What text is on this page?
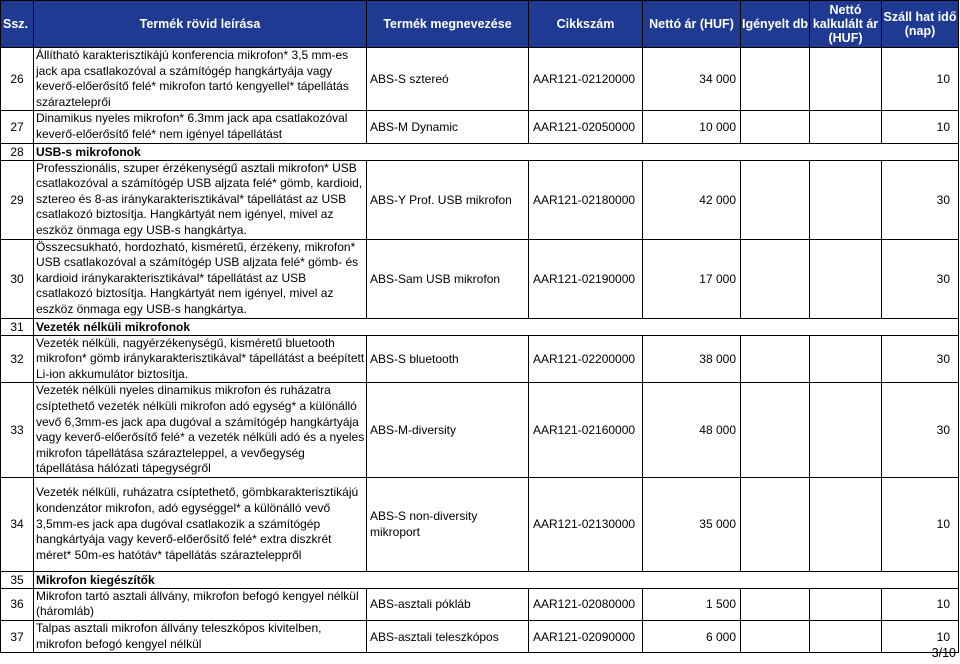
Ssz.	Termék rövid leírása	Termék megnevezése	Cikkszám	Nettó ár (HUF)	Igényelt db	Nettó kalkulált ár (HUF)	Száll hat idő (nap)
26	Állítható karakterisztikájú konferencia mikrofon* 3,5 mm-es jack apa csatlakozóval a számítógép hangkártyája vagy keverő-előerősítő felé* mikrofon tartó kengyellel* tápellátás szárazteleprői	ABS-S sztereó	AAR121-02120000	34 000			10
27	Dinamikus nyeles mikrofon* 6.3mm jack apa csatlakozóval keverő-előerősítő felé* nem igényel tápellátást	ABS-M Dynamic	AAR121-02050000	10 000			10
28	USB-s mikrofonok						
29	Professzionális, szuper érzékenységű asztali mikrofon* USB csatlakozóval a számítógép USB aljzata felé* gömb, kardioid, sztereo és 8-as iránykarakterisztikával* tápellátást az USB csatlakozó biztosítja. Hangkártyát nem igényel, mivel az eszköz önmaga egy USB-s hangkártya.	ABS-Y Prof. USB mikrofon	AAR121-02180000	42 000			30
30	Összecsukható, hordozható, kisméretű, érzékeny, mikrofon* USB csatlakozóval a számítógép USB aljzata felé* gömb- és kardioid iránykarakterisztikával* tápellátást az USB csatlakozó biztosítja. Hangkártyát nem igényel, mivel az eszköz önmaga egy USB-s hangkártya.	ABS-Sam USB mikrofon	AAR121-02190000	17 000			30
31	Vezeték nélküli mikrofonok						
32	Vezeték nélküli, nagyérzékenységű, kisméretű bluetooth mikrofon* gömb iránykarakterisztikával* tápellátást a beépített Li-ion akkumulátor biztosítja.	ABS-S bluetooth	AAR121-02200000	38 000			30
33	Vezeték nélküli nyeles dinamikus mikrofon és ruházatra csíptethető vezeték nélküli mikrofon adó egység* a különálló vevő 6,3mm-es jack apa dugóval a számítógép hangkártyája vagy keverő-előerősítő felé* a vezeték nélküli adó és a nyeles mikrofon tápellátása szárazteleppel, a vevőegység tápellátása hálózati tápegységről	ABS-M-diversity	AAR121-02160000	48 000			30
34	Vezeték nélküli, ruházatra csíptethető, gömbkarakterisztikájú kondenzátor mikrofon, adó egységgel* a különálló vevő 3,5mm-es jack apa dugóval csatlakozik a számítógép hangkártyája vagy keverő-előerősítő felé* extra diszkrét méret* 50m-es hatótáv* tápellátás szárazteleppről	ABS-S non-diversity mikroport	AAR121-02130000	35 000			10
35	Mikrofon kiegészítők						
36	Mikrofon tartó asztali állvány, mikrofon befogó kengyel nélkül (háromláb)	ABS-asztali pókláb	AAR121-02080000	1 500			10
37	Talpas asztali mikrofon állvány teleszkópos kivitelben, mikrofon befogó kengyel nélkül	ABS-asztali teleszkópos	AAR121-02090000	6 000			10
3/10
